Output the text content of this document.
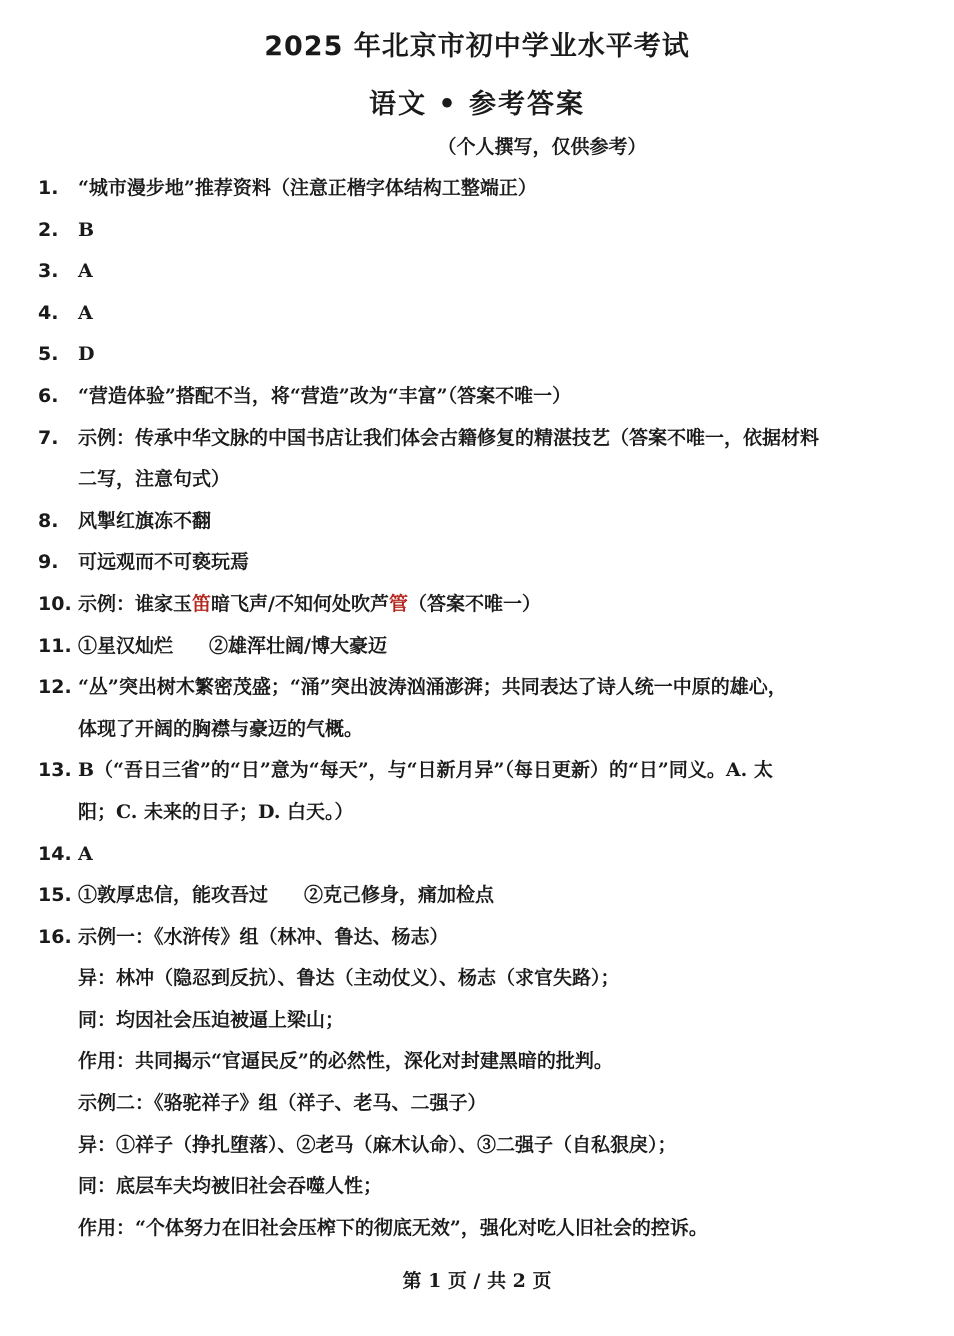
2025 年北京市初中学业水平考试
语文 • 参考答案
（个人撰写，仅供参考）
1.	“城市漫步地”推荐资料（注意正楷字体结构工整端正）
2.	B
3.	A
4.	A
5.	D
6.	“营造体验”搭配不当，将“营造”改为“丰富”（答案不唯一）
7.	示例：传承中华文脉的中国书店让我们体会古籍修复的精湛技艺（答案不唯一，依据材料
二写，注意句式）
8.	风掣红旗冻不翻
9.	可远观而不可亵玩焉
10. 示例：谁家玉笛暗飞声/不知何处吹芦管（答案不唯一）
11. ①星汉灿烂 ②雄浑壮阔/博大豪迈
12. “丛”突出树木繁密茂盛；“涌”突出波涛汹涌澎湃；共同表达了诗人统一中原的雄心，
体现了开阔的胸襟与豪迈的气概。
13. B（“吾日三省”的“日”意为“每天”，与“日新月异”（每日更新）的“日”同义。A. 太
阳；C. 未来的日子；D. 白天。）
14. A
15. ①敦厚忠信，能攻吾过 ②克己修身，痛加检点
16. 示例一：《水浒传》组（林冲、鲁达、杨志）
异：林冲（隐忍到反抗）、鲁达（主动仗义）、杨志（求官失路）；
同：均因社会压迫被逼上梁山；
作用：共同揭示“官逼民反”的必然性，深化对封建黑暗的批判。
示例二：《骆驼祥子》组（祥子、老马、二强子）
异：①祥子（挣扎堕落）、②老马（麻木认命）、③二强子（自私狠戾）；
同：底层车夫均被旧社会吞噬人性；
作用：“个体努力在旧社会压榨下的彻底无效”，强化对吃人旧社会的控诉。
第 1 页 / 共 2 页
